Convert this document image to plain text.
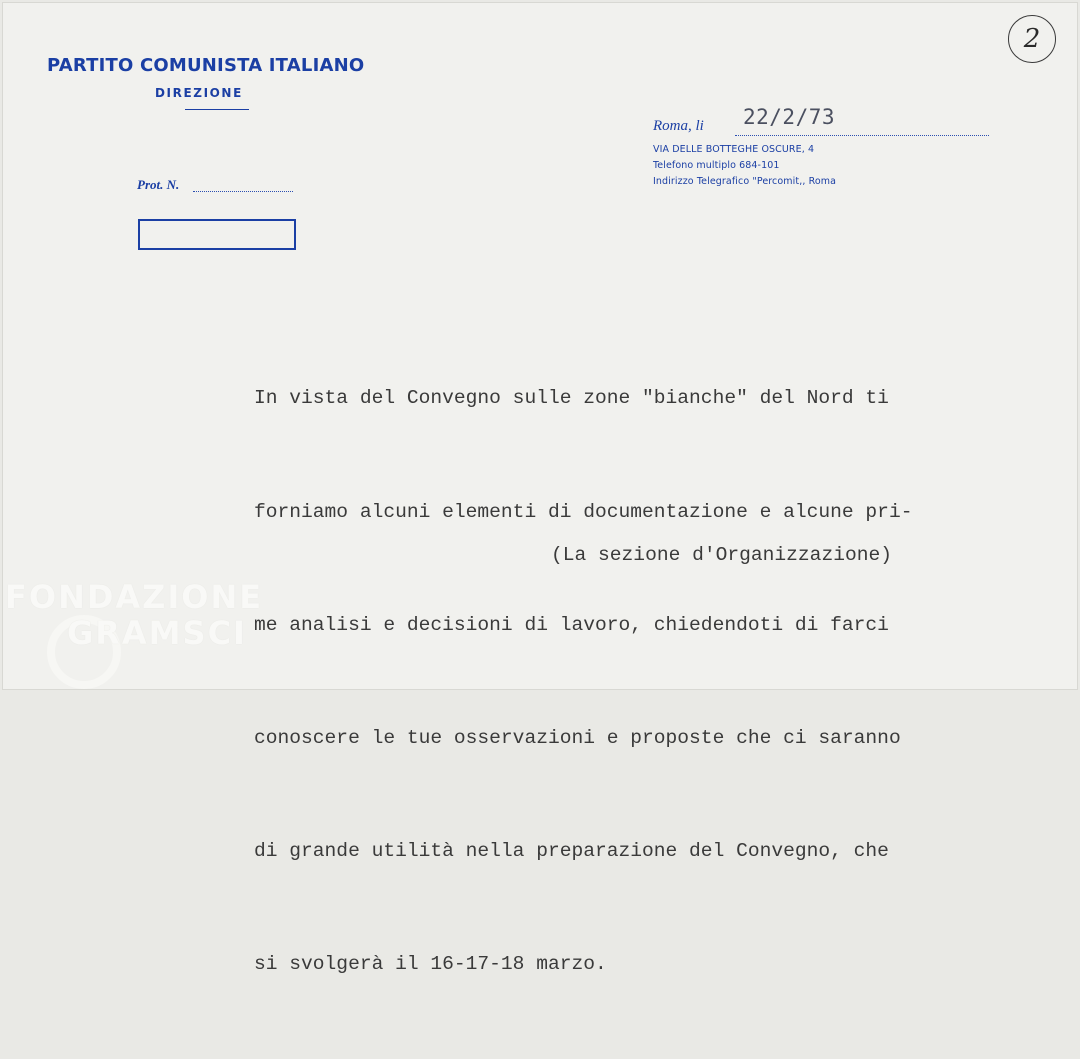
PARTITO COMUNISTA ITALIANO
DIREZIONE
Prot. N.
Roma, li 22/2/73
VIA DELLE BOTTEGHE OSCURE, 4
Telefono multiplo 684-101
Indirizzo Telegrafico "Percomit,, Roma
2

In vista del Convegno sulle zone "bianche" del Nord ti

forniamo alcuni elementi di documentazione e alcune pri-

me analisi e decisioni di lavoro, chiedendoti di farci

conoscere le tue osservazioni e proposte che ci saranno

di grande utilità nella preparazione del Convegno, che

si svolgerà il 16-17-18 marzo.

(La sezione d'Organizzazione)
FONDAZIONE
GRAMSCI
